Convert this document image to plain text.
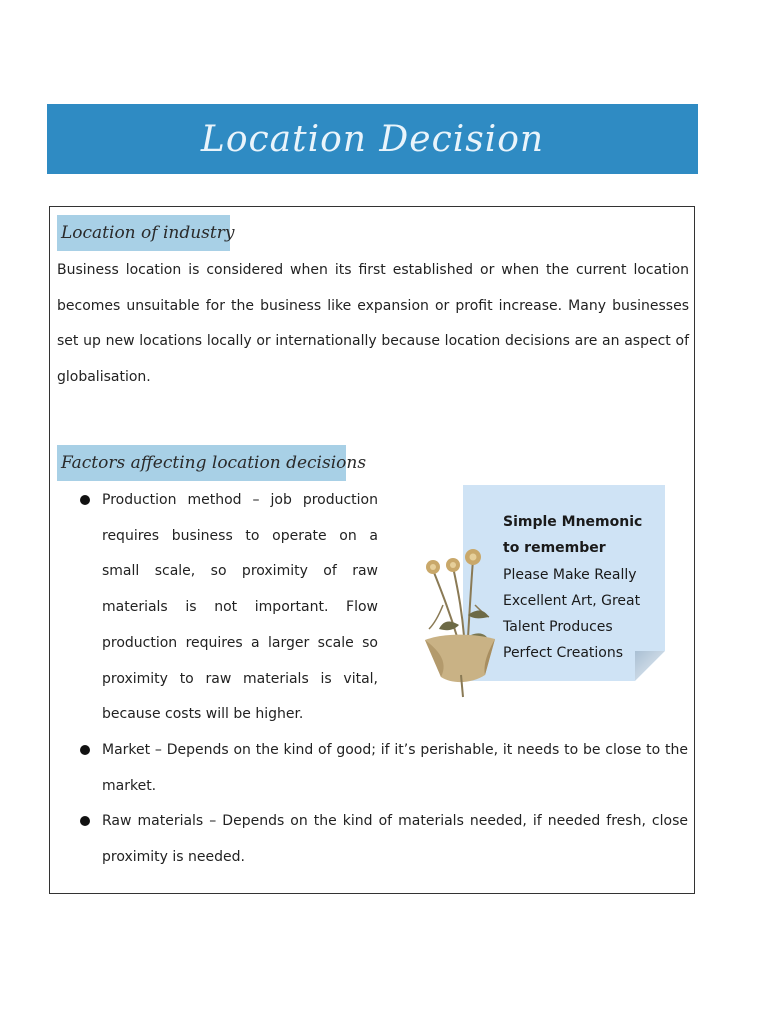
Location Decision
Location of industry

Business location is considered when its first established or when the current location becomes unsuitable for the business like expansion or profit increase. Many businesses set up new locations locally or internationally because location decisions are an aspect of globalisation.

Factors affecting location decisions
Production method – job production requires business to operate on a small scale, so proximity of raw materials is not important. Flow production requires a larger scale so proximity to raw materials is vital, because costs will be higher.
Market – Depends on the kind of good; if it’s perishable, it needs to be close to the market.
Raw materials – Depends on the kind of materials needed, if needed fresh, close proximity is needed.
Simple Mnemonic to remember
Please Make Really Excellent Art, Great Talent Produces Perfect Creations
